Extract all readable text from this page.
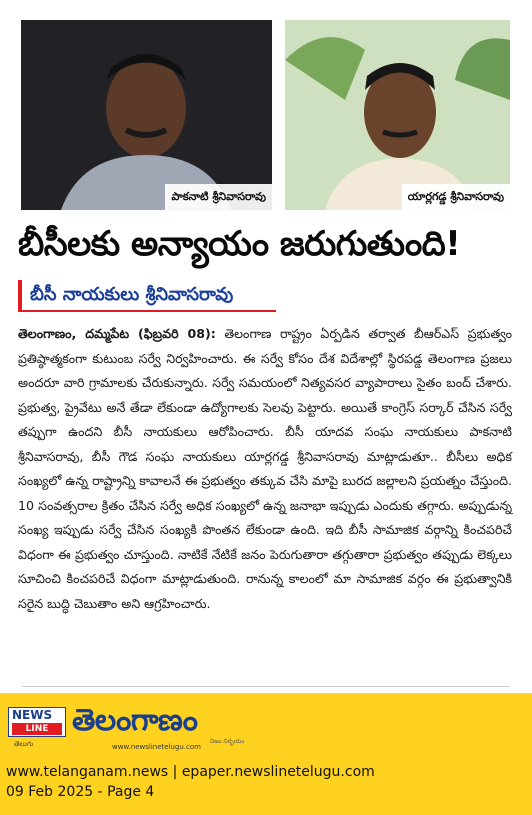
పాకనాటి శ్రీనివాసరావు	యార్లగడ్డ శ్రీనివాసరావు
బీసీలకు అన్యాయం జరుగుతుంది!
బీసీ నాయకులు శ్రీనివాసరావు
తెలంగాణం, దమ్మపేట (ఫిబ్రవరి 08): తెలంగాణ రాష్ట్రం ఏర్పడిన తర్వాత బీఆర్ఎస్ ప్రభుత్వం ప్రతిష్ఠాత్మకంగా కుటుంబ సర్వే నిర్వహించారు. ఈ సర్వే కోసం దేశ విదేశాల్లో స్థిరపడ్డ తెలంగాణ ప్రజలు అందరూ వారి గ్రామాలకు చేరుకున్నారు. సర్వే సమయంలో నిత్యవసర వ్యాపారాలు సైతం బంద్ చేశారు. ప్రభుత్వ, ప్రైవేటు అనే తేడా లేకుండా ఉద్యోగాలకు సెలవు పెట్టారు. అయితే కాంగ్రెస్ సర్కార్ చేసిన సర్వే తప్పుగా ఉందని బీసీ నాయకులు ఆరోపించారు. బీసీ యాదవ సంఘ నాయకులు పాకనాటి శ్రీనివాసరావు, బీసీ గౌడ సంఘ నాయకులు యార్లగడ్డ శ్రీనివాసరావు మాట్లాడుతూ.. బీసీలు అధిక సంఖ్యలో ఉన్న రాష్ట్రాన్ని కావాలనే ఈ ప్రభుత్వం తక్కువ చేసి మాపై బురద జల్లాలని ప్రయత్నం చేస్తుంది. 10 సంవత్సరాల క్రితం చేసిన సర్వే అధిక సంఖ్యలో ఉన్న జనాభా ఇప్పుడు ఎందుకు తగ్గారు. అప్పుడున్న సంఖ్య ఇప్పుడు సర్వే చేసిన సంఖ్యకి పొంతన లేకుండా ఉంది. ఇది బీసీ సామాజిక వర్గాన్ని కించపరిచే విధంగా ఈ ప్రభుత్వం చూస్తుంది. నాటికే నేటికే జనం పెరుగుతారా తగ్గుతారా ప్రభుత్వం తప్పుడు లెక్కలు సూచించి కించపరిచే విధంగా మాట్లాడుతుంది. రానున్న కాలంలో మా సామాజిక వర్గం ఈ ప్రభుత్వానికి సరైన బుద్ధి చెబుతాం అని ఆగ్రహించారు.
NEWS
LINE
తెలుగు
తెలంగాణం
www.newslinetelugu.com
నిజం నిర్భయం
www.telanganam.news | epaper.newslinetelugu.com
09 Feb 2025 - Page 4
